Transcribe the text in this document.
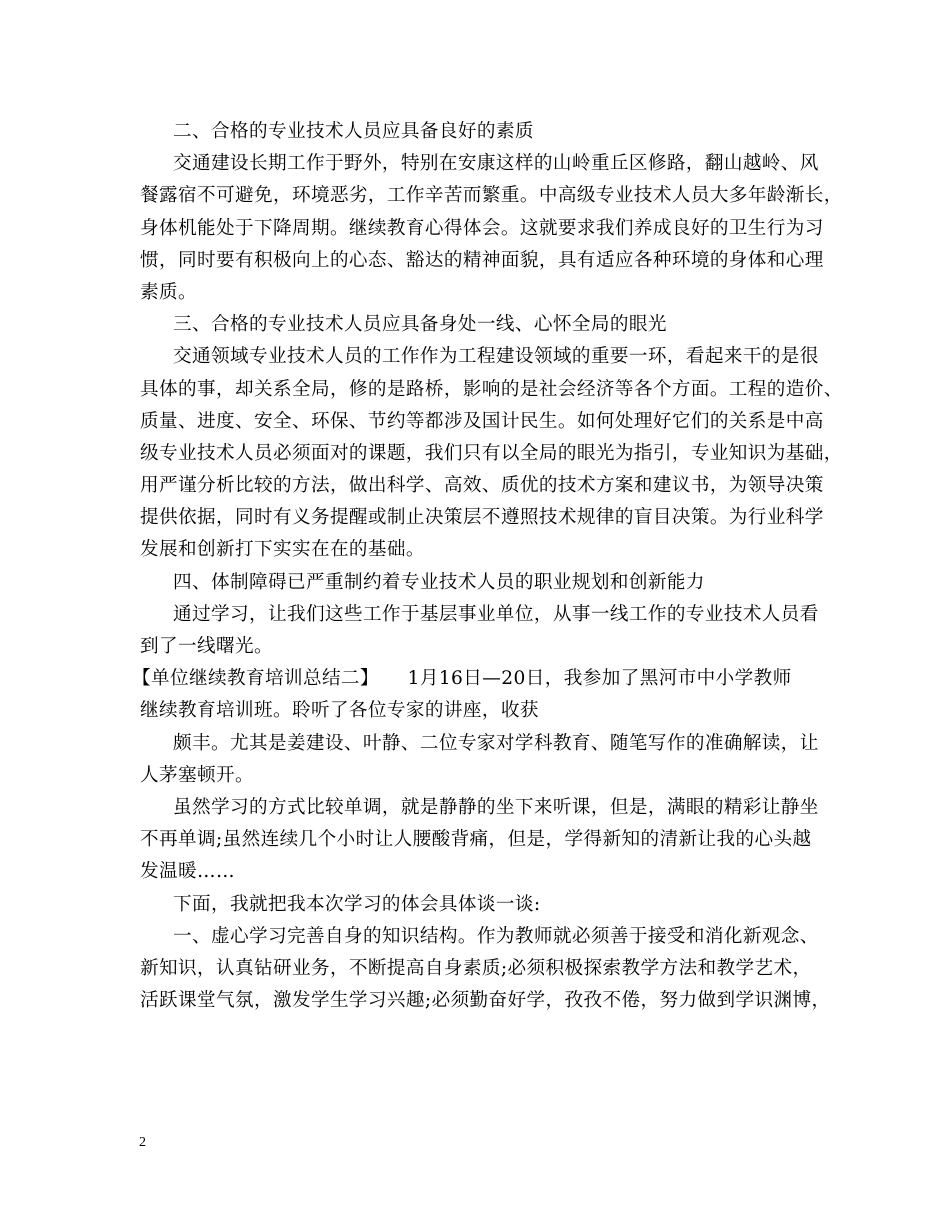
二、合格的专业技术人员应具备良好的素质
交通建设长期工作于野外，特别在安康这样的山岭重丘区修路，翻山越岭、风
餐露宿不可避免，环境恶劣，工作辛苦而繁重。中高级专业技术人员大多年龄渐长，
身体机能处于下降周期。继续教育心得体会。这就要求我们养成良好的卫生行为习
惯，同时要有积极向上的心态、豁达的精神面貌，具有适应各种环境的身体和心理
素质。
三、合格的专业技术人员应具备身处一线、心怀全局的眼光
交通领域专业技术人员的工作作为工程建设领域的重要一环，看起来干的是很
具体的事，却关系全局，修的是路桥，影响的是社会经济等各个方面。工程的造价、
质量、进度、安全、环保、节约等都涉及国计民生。如何处理好它们的关系是中高
级专业技术人员必须面对的课题，我们只有以全局的眼光为指引，专业知识为基础，
用严谨分析比较的方法，做出科学、高效、质优的技术方案和建议书，为领导决策
提供依据，同时有义务提醒或制止决策层不遵照技术规律的盲目决策。为行业科学
发展和创新打下实实在在的基础。
四、体制障碍已严重制约着专业技术人员的职业规划和创新能力
通过学习，让我们这些工作于基层事业单位，从事一线工作的专业技术人员看
到了一线曙光。
【单位继续教育培训总结二】　　1月16日—20日，我参加了黑河市中小学教师
继续教育培训班。聆听了各位专家的讲座，收获
颇丰。尤其是姜建设、叶静、二位专家对学科教育、随笔写作的准确解读，让
人茅塞顿开。
虽然学习的方式比较单调，就是静静的坐下来听课，但是，满眼的精彩让静坐
不再单调;虽然连续几个小时让人腰酸背痛，但是，学得新知的清新让我的心头越
发温暖……
下面，我就把我本次学习的体会具体谈一谈:
一、虚心学习完善自身的知识结构。作为教师就必须善于接受和消化新观念、
新知识，认真钻研业务，不断提高自身素质;必须积极探索教学方法和教学艺术，
活跃课堂气氛，激发学生学习兴趣;必须勤奋好学，孜孜不倦，努力做到学识渊博，
2
